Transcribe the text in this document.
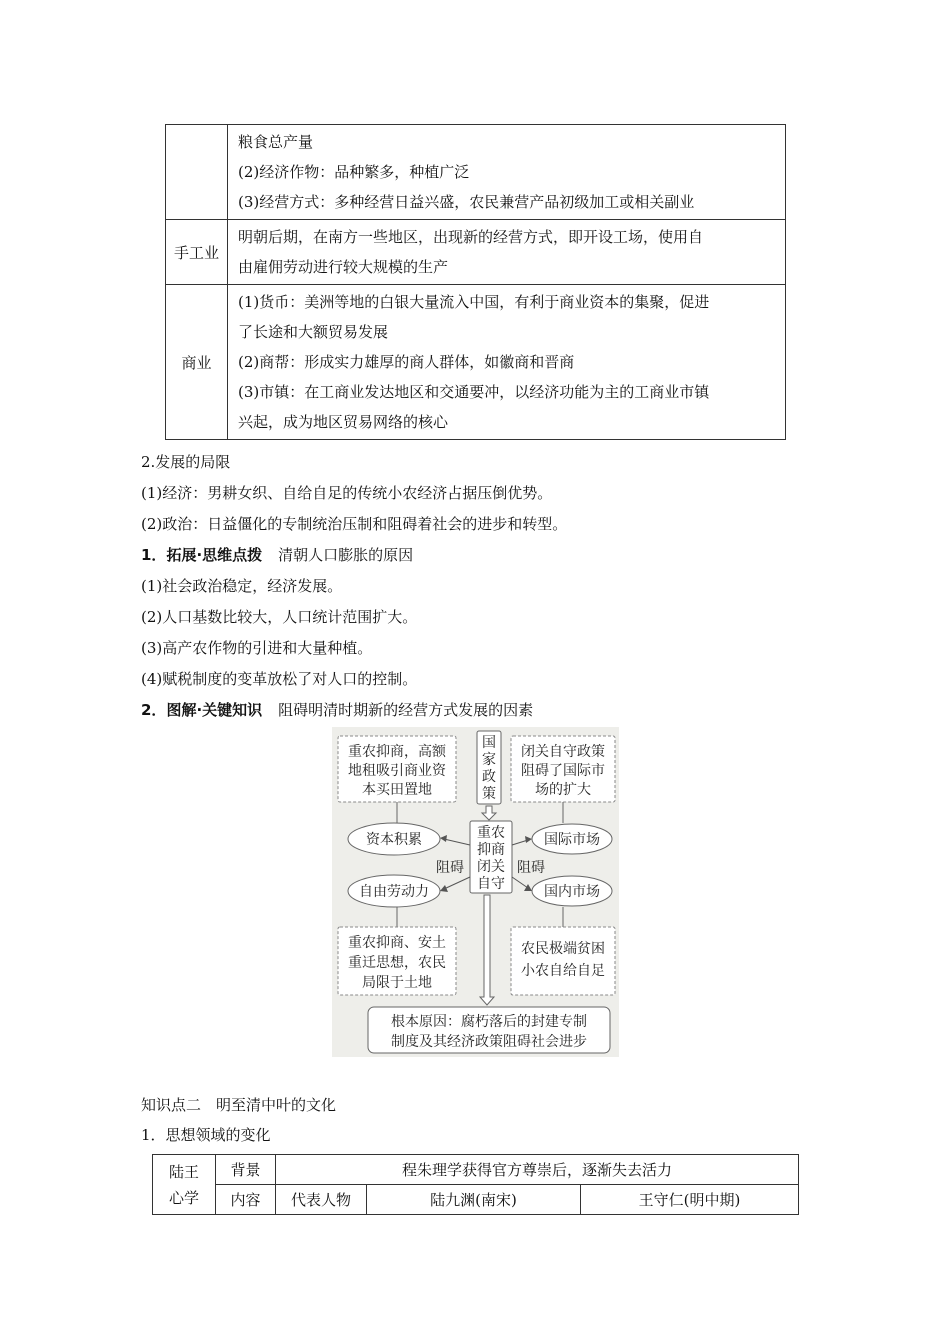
	粮食总产量
(2)经济作物：品种繁多，种植广泛
(3)经营方式：多种经营日益兴盛，农民兼营产品初级加工或相关副业

手工业	明朝后期，在南方一些地区，出现新的经营方式，即开设工场，使用自
由雇佣劳动进行较大规模的生产

商业	(1)货币：美洲等地的白银大量流入中国，有利于商业资本的集聚，促进
了长途和大额贸易发展
(2)商帮：形成实力雄厚的商人群体，如徽商和晋商
(3)市镇：在工商业发达地区和交通要冲，以经济功能为主的工商业市镇
兴起，成为地区贸易网络的核心
2.发展的局限
(1)经济：男耕女织、自给自足的传统小农经济占据压倒优势。
(2)政治：日益僵化的专制统治压制和阻碍着社会的进步和转型。
1．拓展·思维点拨 清朝人口膨胀的原因
(1)社会政治稳定，经济发展。
(2)人口基数比较大，人口统计范围扩大。
(3)高产农作物的引进和大量种植。
(4)赋税制度的变革放松了对人口的控制。
2．图解·关键知识 阻碍明清时期新的经营方式发展的因素
重农抑商，高额
地租吸引商业资
本买田置地
国
家
政
策
闭关自守政策
阻碍了国际市
场的扩大
资本积累
自由劳动力
国际市场
国内市场
重农
抑商
闭关
自守
阻碍	阻碍
重农抑商、安土
重迁思想，农民
局限于土地
农民极端贫困
小农自给自足
根本原因：腐朽落后的封建专制
制度及其经济政策阻碍社会进步
知识点二　明至清中叶的文化
1．思想领域的变化
陆王
心学	背景	程朱理学获得官方尊崇后，逐渐失去活力		
	内容	代表人物	陆九渊(南宋)	王守仁(明中期)
